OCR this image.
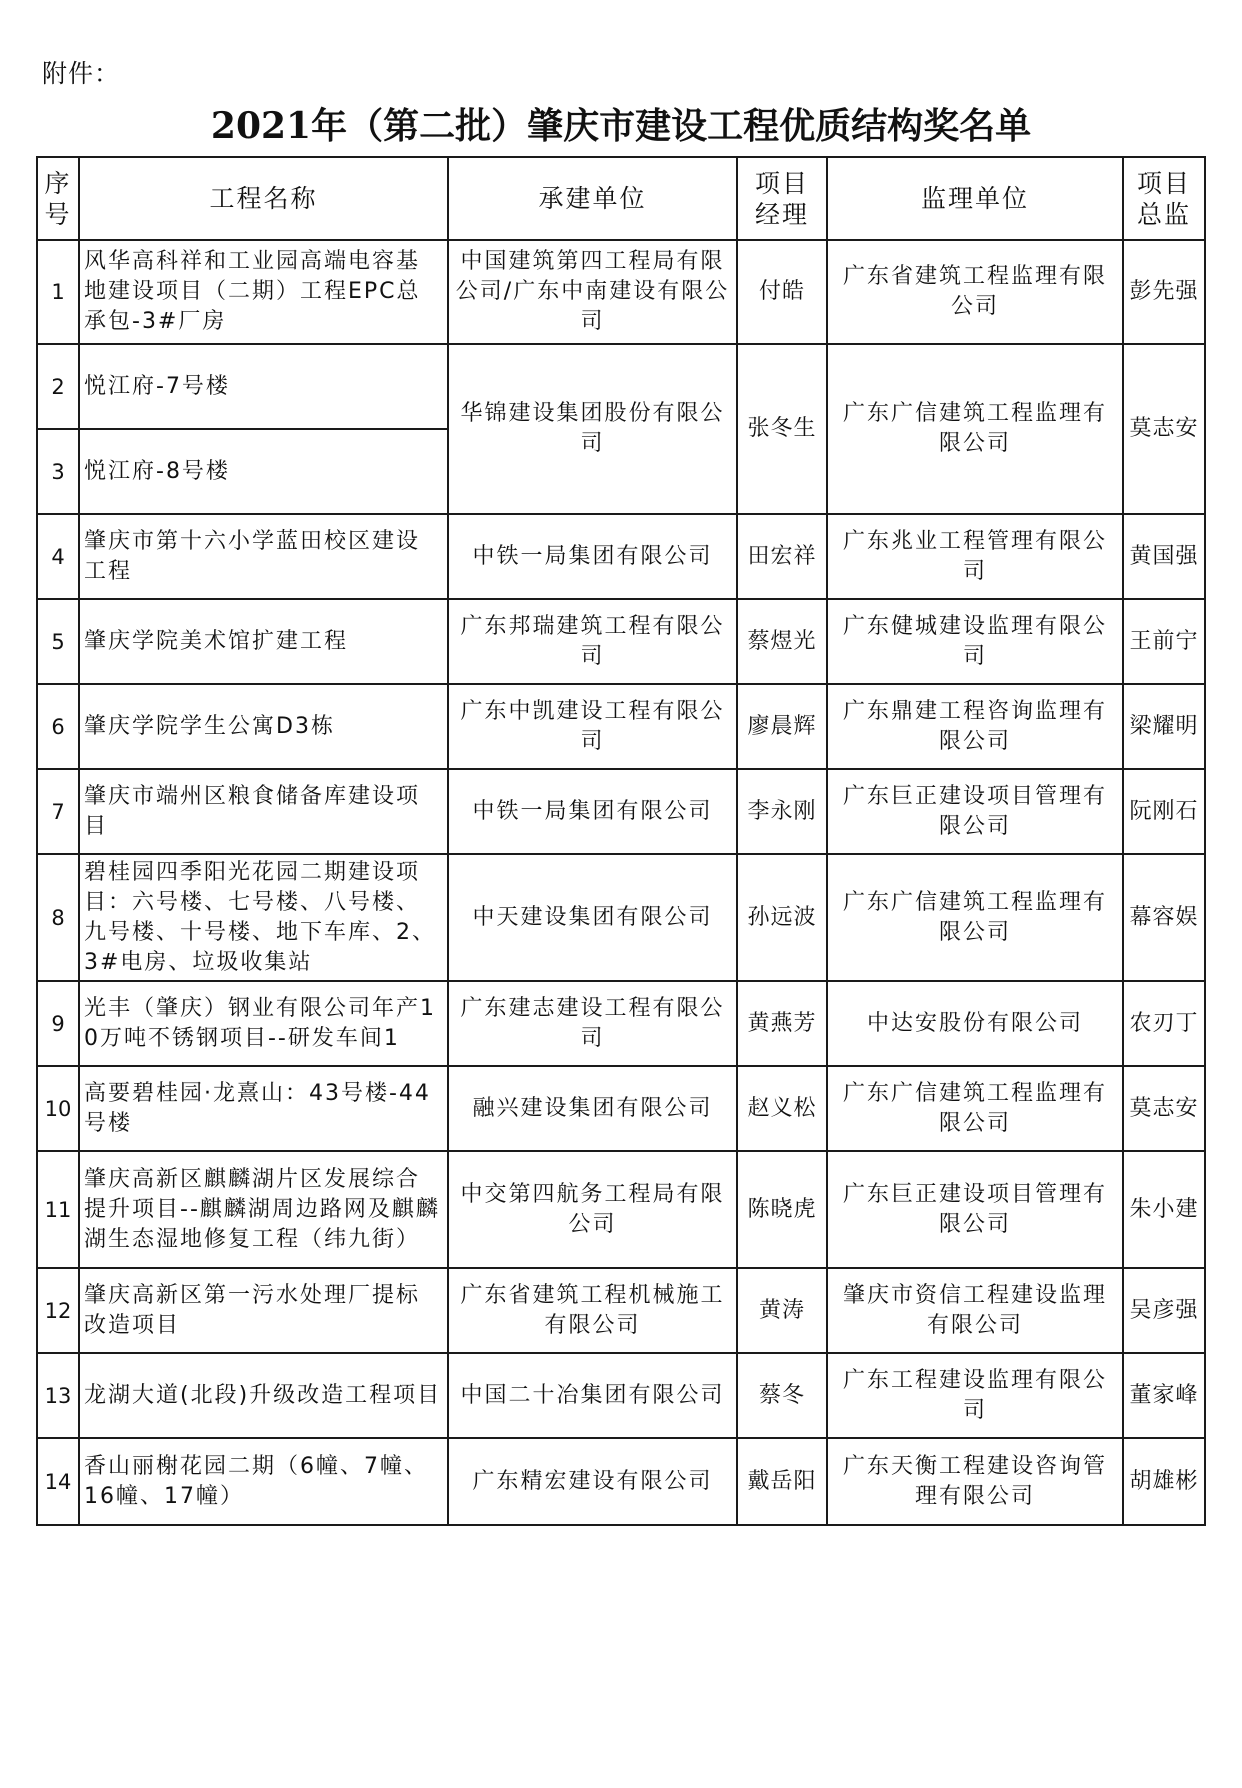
附件：
2021年（第二批）肇庆市建设工程优质结构奖名单
序号	工程名称	承建单位	项目经理	监理单位	项目总监
1	风华高科祥和工业园高端电容基地建设项目（二期）工程EPC总承包-3#厂房	中国建筑第四工程局有限公司/广东中南建设有限公司	付皓	广东省建筑工程监理有限公司	彭先强
2	悦江府-7号楼	华锦建设集团股份有限公司	张冬生	广东广信建筑工程监理有限公司	莫志安
3	悦江府-8号楼				
4	肇庆市第十六小学蓝田校区建设工程	中铁一局集团有限公司	田宏祥	广东兆业工程管理有限公司	黄国强
5	肇庆学院美术馆扩建工程	广东邦瑞建筑工程有限公司	蔡煜光	广东健城建设监理有限公司	王前宁
6	肇庆学院学生公寓D3栋	广东中凯建设工程有限公司	廖晨辉	广东鼎建工程咨询监理有限公司	梁耀明
7	肇庆市端州区粮食储备库建设项目	中铁一局集团有限公司	李永刚	广东巨正建设项目管理有限公司	阮刚石
8	碧桂园四季阳光花园二期建设项目：六号楼、七号楼、八号楼、九号楼、十号楼、地下车库、2、3#电房、垃圾收集站	中天建设集团有限公司	孙远波	广东广信建筑工程监理有限公司	幕容娱
9	光丰（肇庆）钢业有限公司年产10万吨不锈钢项目--研发车间1	广东建志建设工程有限公司	黄燕芳	中达安股份有限公司	农刃丁
10	高要碧桂园·龙熹山：43号楼-44号楼	融兴建设集团有限公司	赵义松	广东广信建筑工程监理有限公司	莫志安
11	肇庆高新区麒麟湖片区发展综合提升项目--麒麟湖周边路网及麒麟湖生态湿地修复工程（纬九街）	中交第四航务工程局有限公司	陈晓虎	广东巨正建设项目管理有限公司	朱小建
12	肇庆高新区第一污水处理厂提标改造项目	广东省建筑工程机械施工有限公司	黄涛	肇庆市资信工程建设监理有限公司	吴彦强
13	龙湖大道(北段)升级改造工程项目	中国二十冶集团有限公司	蔡冬	广东工程建设监理有限公司	董家峰
14	香山丽榭花园二期（6幢、7幢、16幢、17幢）	广东精宏建设有限公司	戴岳阳	广东天衡工程建设咨询管理有限公司	胡雄彬
